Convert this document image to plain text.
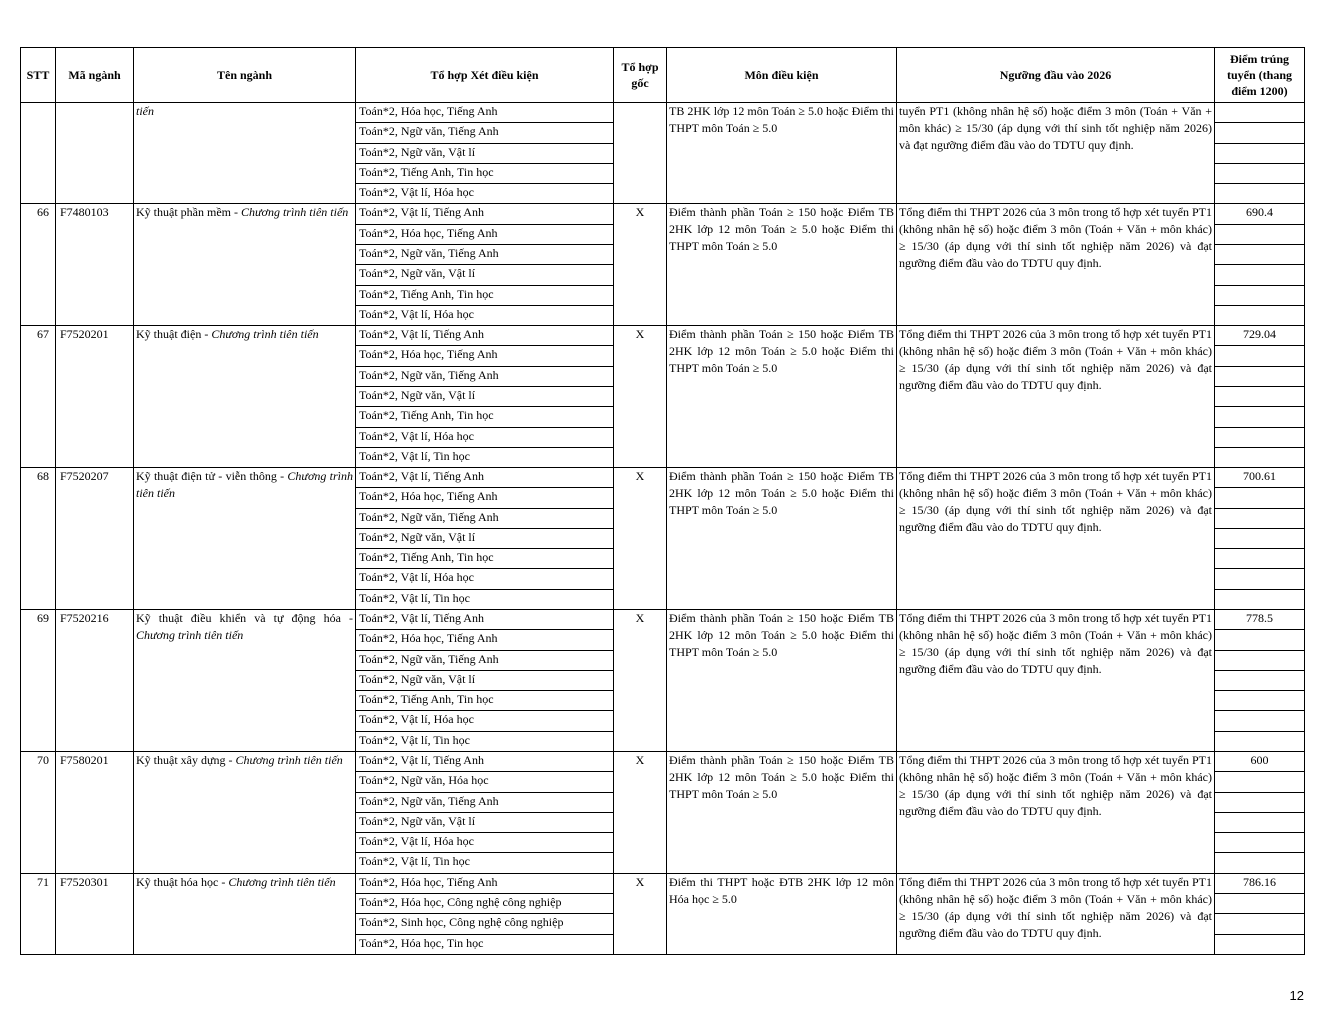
STT	Mã ngành	Tên ngành	Tổ hợp Xét điều kiện	Tổ hợp gốc	Môn điều kiện	Ngưỡng đầu vào 2026	Điểm trúng tuyển (thang điểm 1200)
		tiến	Toán*2, Hóa học, Tiếng Anh		TB 2HK lớp 12 môn Toán ≥ 5.0 hoặc Điểm thi THPT môn Toán ≥ 5.0	tuyển PT1 (không nhân hệ số) hoặc điểm 3 môn (Toán + Văn + môn khác) ≥ 15/30 (áp dụng với thí sinh tốt nghiệp năm 2026) và đạt ngưỡng điểm đầu vào do TDTU quy định.	
			Toán*2, Ngữ văn, Tiếng Anh				
			Toán*2, Ngữ văn, Vật lí				
			Toán*2, Tiếng Anh, Tin học				
			Toán*2, Vật lí, Hóa học				
66	F7480103	Kỹ thuật phần mềm - Chương trình tiên tiến	Toán*2, Vật lí, Tiếng Anh	X	Điểm thành phần Toán ≥ 150 hoặc Điểm TB 2HK lớp 12 môn Toán ≥ 5.0 hoặc Điểm thi THPT môn Toán ≥ 5.0	Tổng điểm thi THPT 2026 của 3 môn trong tổ hợp xét tuyển PT1 (không nhân hệ số) hoặc điểm 3 môn (Toán + Văn + môn khác) ≥ 15/30 (áp dụng với thí sinh tốt nghiệp năm 2026) và đạt ngưỡng điểm đầu vào do TDTU quy định.	690.4
			Toán*2, Hóa học, Tiếng Anh				
			Toán*2, Ngữ văn, Tiếng Anh				
			Toán*2, Ngữ văn, Vật lí				
			Toán*2, Tiếng Anh, Tin học				
			Toán*2, Vật lí, Hóa học				
67	F7520201	Kỹ thuật điện - Chương trình tiên tiến	Toán*2, Vật lí, Tiếng Anh	X	Điểm thành phần Toán ≥ 150 hoặc Điểm TB 2HK lớp 12 môn Toán ≥ 5.0 hoặc Điểm thi THPT môn Toán ≥ 5.0	Tổng điểm thi THPT 2026 của 3 môn trong tổ hợp xét tuyển PT1 (không nhân hệ số) hoặc điểm 3 môn (Toán + Văn + môn khác) ≥ 15/30 (áp dụng với thí sinh tốt nghiệp năm 2026) và đạt ngưỡng điểm đầu vào do TDTU quy định.	729.04
			Toán*2, Hóa học, Tiếng Anh				
			Toán*2, Ngữ văn, Tiếng Anh				
			Toán*2, Ngữ văn, Vật lí				
			Toán*2, Tiếng Anh, Tin học				
			Toán*2, Vật lí, Hóa học				
			Toán*2, Vật lí, Tin học				
68	F7520207	Kỹ thuật điện tử - viễn thông - Chương trình tiên tiến	Toán*2, Vật lí, Tiếng Anh	X	Điểm thành phần Toán ≥ 150 hoặc Điểm TB 2HK lớp 12 môn Toán ≥ 5.0 hoặc Điểm thi THPT môn Toán ≥ 5.0	Tổng điểm thi THPT 2026 của 3 môn trong tổ hợp xét tuyển PT1 (không nhân hệ số) hoặc điểm 3 môn (Toán + Văn + môn khác) ≥ 15/30 (áp dụng với thí sinh tốt nghiệp năm 2026) và đạt ngưỡng điểm đầu vào do TDTU quy định.	700.61
			Toán*2, Hóa học, Tiếng Anh				
			Toán*2, Ngữ văn, Tiếng Anh				
			Toán*2, Ngữ văn, Vật lí				
			Toán*2, Tiếng Anh, Tin học				
			Toán*2, Vật lí, Hóa học				
			Toán*2, Vật lí, Tin học				
69	F7520216	Kỹ thuật điều khiển và tự động hóa - Chương trình tiên tiến	Toán*2, Vật lí, Tiếng Anh	X	Điểm thành phần Toán ≥ 150 hoặc Điểm TB 2HK lớp 12 môn Toán ≥ 5.0 hoặc Điểm thi THPT môn Toán ≥ 5.0	Tổng điểm thi THPT 2026 của 3 môn trong tổ hợp xét tuyển PT1 (không nhân hệ số) hoặc điểm 3 môn (Toán + Văn + môn khác) ≥ 15/30 (áp dụng với thí sinh tốt nghiệp năm 2026) và đạt ngưỡng điểm đầu vào do TDTU quy định.	778.5
			Toán*2, Hóa học, Tiếng Anh				
			Toán*2, Ngữ văn, Tiếng Anh				
			Toán*2, Ngữ văn, Vật lí				
			Toán*2, Tiếng Anh, Tin học				
			Toán*2, Vật lí, Hóa học				
			Toán*2, Vật lí, Tin học				
70	F7580201	Kỹ thuật xây dựng - Chương trình tiên tiến	Toán*2, Vật lí, Tiếng Anh	X	Điểm thành phần Toán ≥ 150 hoặc Điểm TB 2HK lớp 12 môn Toán ≥ 5.0 hoặc Điểm thi THPT môn Toán ≥ 5.0	Tổng điểm thi THPT 2026 của 3 môn trong tổ hợp xét tuyển PT1 (không nhân hệ số) hoặc điểm 3 môn (Toán + Văn + môn khác) ≥ 15/30 (áp dụng với thí sinh tốt nghiệp năm 2026) và đạt ngưỡng điểm đầu vào do TDTU quy định.	600
			Toán*2, Ngữ văn, Hóa học				
			Toán*2, Ngữ văn, Tiếng Anh				
			Toán*2, Ngữ văn, Vật lí				
			Toán*2, Vật lí, Hóa học				
			Toán*2, Vật lí, Tin học				
71	F7520301	Kỹ thuật hóa học - Chương trình tiên tiến	Toán*2, Hóa học, Tiếng Anh	X	Điểm thi THPT hoặc ĐTB 2HK lớp 12 môn Hóa học ≥ 5.0	Tổng điểm thi THPT 2026 của 3 môn trong tổ hợp xét tuyển PT1 (không nhân hệ số) hoặc điểm 3 môn (Toán + Văn + môn khác) ≥ 15/30 (áp dụng với thí sinh tốt nghiệp năm 2026) và đạt ngưỡng điểm đầu vào do TDTU quy định.	786.16
			Toán*2, Hóa học, Công nghệ công nghiệp				
			Toán*2, Sinh học, Công nghệ công nghiệp				
			Toán*2, Hóa học, Tin học				
12
